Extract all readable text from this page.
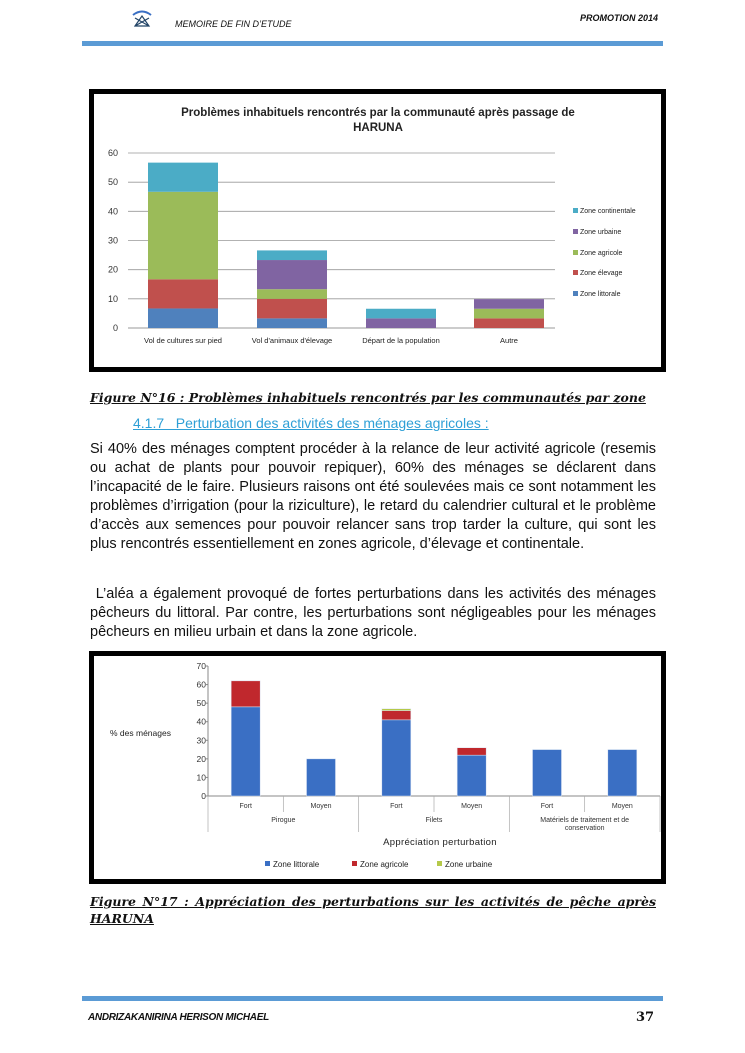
MEMOIRE DE FIN D’ETUDE
PROMOTION 2014
Problèmes inhabituels rencontrés par la communauté après passage de
HARUNA
0
10
20
30
40
50
60
Vol de cultures sur pied	Vol d'animaux d'élevage	Départ de la population	Autre
Zone continentale
Zone urbaine
Zone agricole
Zone élevage
Zone littorale
Figure N°16 : Problèmes inhabituels rencontrés par les communautés par zone
4.1.7   Perturbation des activités des ménages agricoles :
Si 40% des ménages comptent procéder à la relance de leur activité agricole (resemis ou achat de plants pour pouvoir repiquer), 60% des ménages se déclarent dans l’incapacité de le faire. Plusieurs raisons ont été soulevées mais ce sont notamment les problèmes d’irrigation (pour la riziculture), le retard du calendrier cultural et le problème d’accès aux semences pour pouvoir relancer sans trop tarder la culture, qui sont les plus rencontrés essentiellement en zones agricole, d’élevage et continentale.
L’aléa a également provoqué de fortes perturbations dans les activités des ménages pêcheurs du littoral. Par contre, les perturbations sont négligeables pour les ménages pêcheurs en milieu urbain et dans la zone agricole.
0
10
20
30
40
50
60
70
% des ménages
Fort	Moyen	Fort	Moyen	Fort	Moyen
Pirogue	Filets	Matériels de traitement et de
conservation
Appréciation perturbation
Zone littorale	Zone agricole	Zone urbaine
Figure N°17 : Appréciation des perturbations sur les activités de pêche après HARUNA
ANDRIZAKANIRINA HERISON MICHAEL	37
